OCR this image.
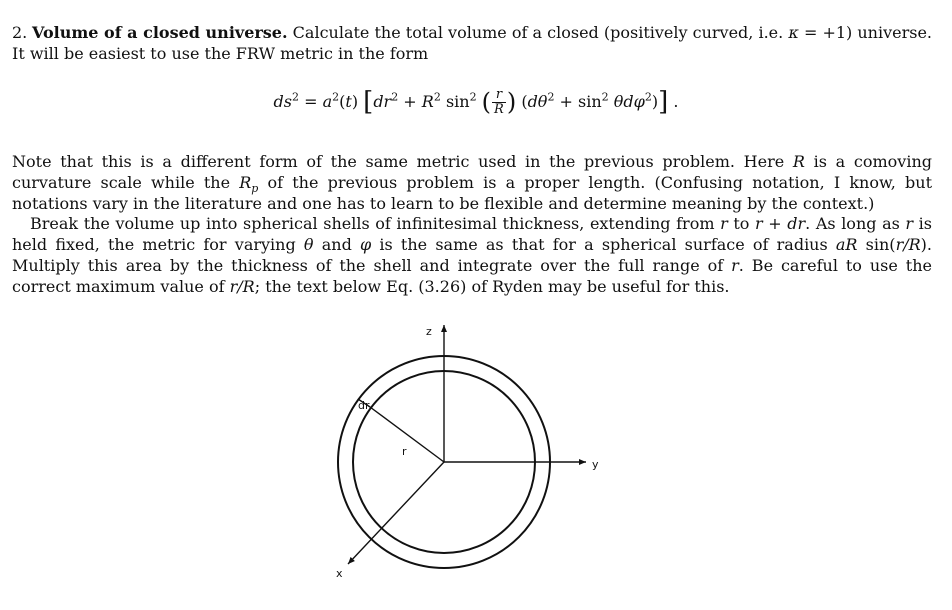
2. Volume of a closed universe. Calculate the total volume of a closed (positively curved, i.e. κ = +1) universe. It will be easiest to use the FRW metric in the form
$ds^2 = a^2(t) [dr^2 + R^2$ $\sin^2$ ( $\frac{r}{R}$ ) $(d\theta^2 + \sin^2 \theta d\varphi^2)$] .
Note that this is a different form of the same metric used in the previous problem. Here R is a comoving curvature scale while the $R_p$ of the previous problem is a proper length. (Confusing notation, I know, but notations vary in the literature and one has to learn to be flexible and determine meaning by the context.)
Break the volume up into spherical shells of infinitesimal thickness, extending from r to r + dr. As long as r is held fixed, the metric for varying θ and φ is the same as that for a spherical surface of radius aR sin(r/R). Multiply this area by the thickness of the shell and integrate over the full range of r. Be careful to use the correct maximum value of r/R; the text below Eq. (3.26) of Ryden may be useful for this.
z
y
x
r
dr
